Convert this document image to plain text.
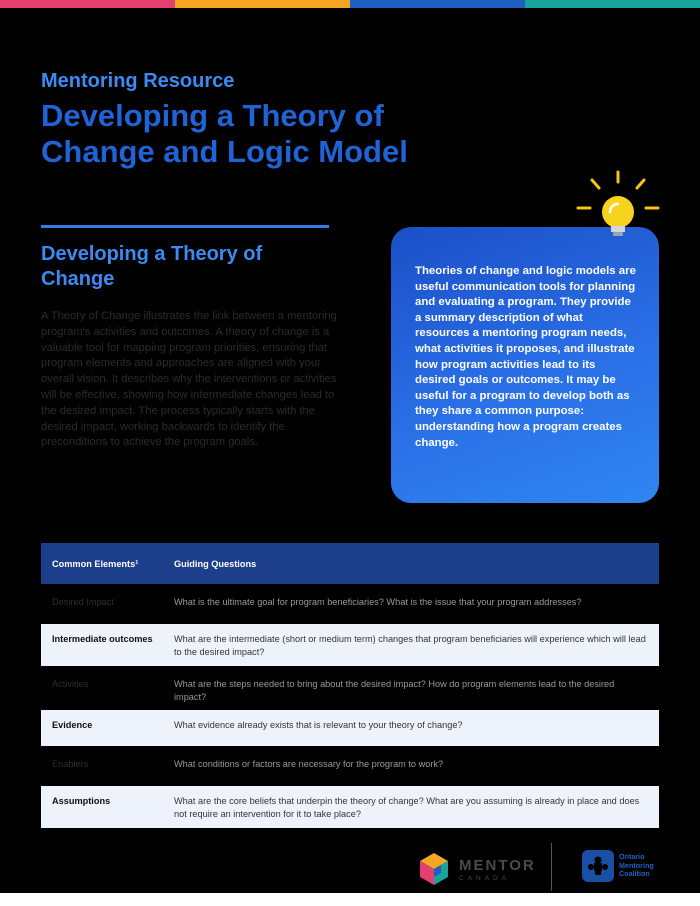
Mentoring Resource
Developing a Theory of Change and Logic Model
Developing a Theory of Change

A Theory of Change illustrates the link between a mentoring program's activities and outcomes. A theory of change is a valuable tool for mapping program priorities, ensuring that program elements and approaches are aligned with your overall vision. It describes why the interventions or activities will be effective, showing how intermediate changes lead to the desired impact. The process typically starts with the desired impact, working backwards to identify the preconditions to achieve the program goals.

Theories of change and logic models are useful communication tools for planning and evaluating a program. They provide a summary description of what resources a mentoring program needs, what activities it proposes, and illustrate how program activities lead to its desired goals or outcomes. It may be useful for a program to develop both as they share a common purpose: understanding how a program creates change.

Common Elements¹	Guiding Questions

Desired Impact	What is the ultimate goal for program beneficiaries? What is the issue that your program addresses?

Intermediate outcomes	What are the intermediate (short or medium term) changes that program beneficiaries will experience which will lead to the desired impact?

Activities	What are the steps needed to bring about the desired impact? How do program elements lead to the desired impact?

Evidence	What evidence already exists that is relevant to your theory of change?

Enablers	What conditions or factors are necessary for the program to work?

Assumptions	What are the core beliefs that underpin the theory of change? What are you assuming is already in place and does not require an intervention for it to take place?
MENTOR
CANADA
Ontario Mentoring Coalition
